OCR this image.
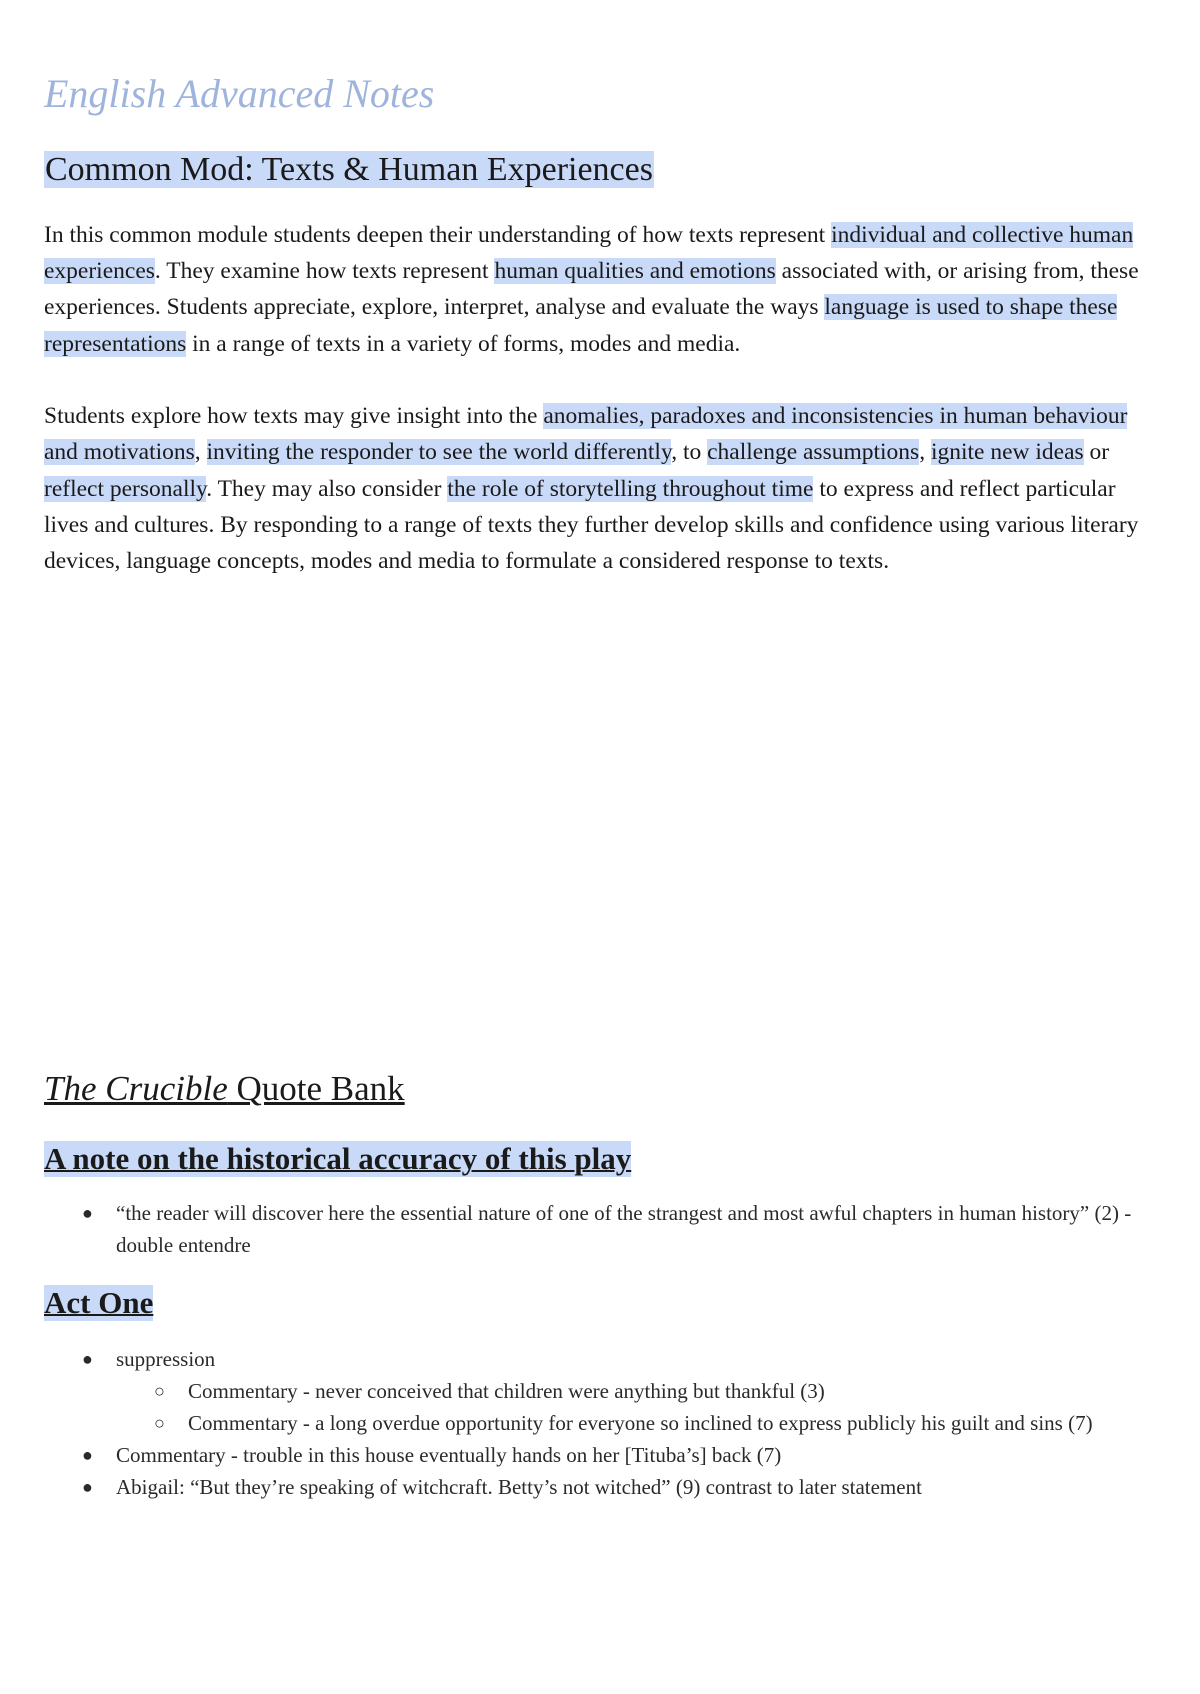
English Advanced Notes
Common Mod: Texts & Human Experiences

In this common module students deepen their understanding of how texts represent individual and collective human experiences. They examine how texts represent human qualities and emotions associated with, or arising from, these experiences. Students appreciate, explore, interpret, analyse and evaluate the ways language is used to shape these representations in a range of texts in a variety of forms, modes and media.

Students explore how texts may give insight into the anomalies, paradoxes and inconsistencies in human behaviour and motivations, inviting the responder to see the world differently, to challenge assumptions, ignite new ideas or reflect personally. They may also consider the role of storytelling throughout time to express and reflect particular lives and cultures. By responding to a range of texts they further develop skills and confidence using various literary devices, language concepts, modes and media to formulate a considered response to texts.

The Crucible Quote Bank
A note on the historical accuracy of this play
● “the reader will discover here the essential nature of one of the strangest and most awful chapters in human history” (2) - double entendre
Act One
● suppression
○ Commentary - never conceived that children were anything but thankful (3)
○ Commentary - a long overdue opportunity for everyone so inclined to express publicly his guilt and sins (7)
● Commentary - trouble in this house eventually hands on her [Tituba’s] back (7)
● Abigail: “But they’re speaking of witchcraft. Betty’s not witched” (9) contrast to later statement
